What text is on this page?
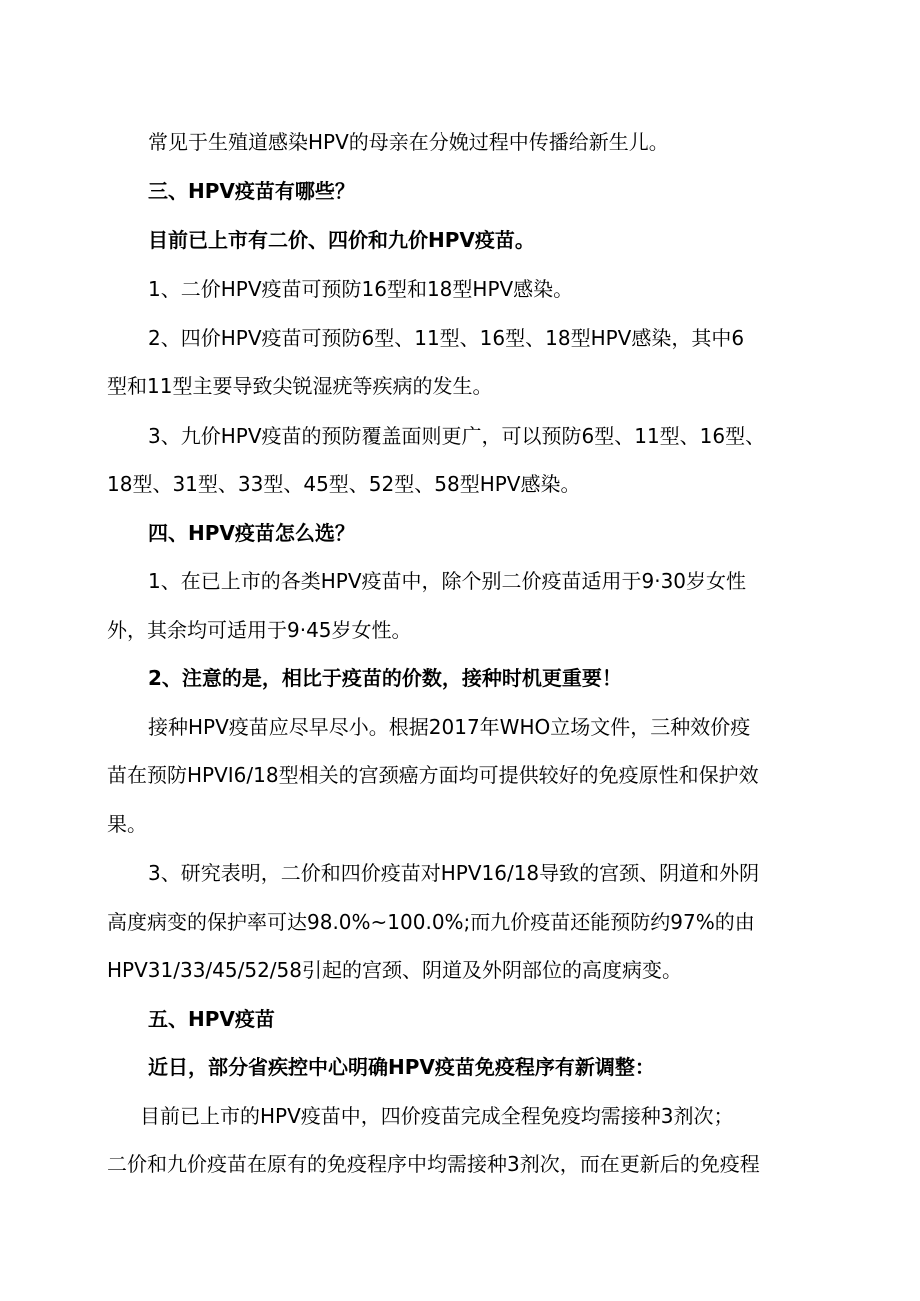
常见于生殖道感染HPV的母亲在分娩过程中传播给新生儿。
三、HPV疫苗有哪些？
目前已上市有二价、四价和九价HPV疫苗。
1、二价HPV疫苗可预防16型和18型HPV感染。
2、四价HPV疫苗可预防6型、11型、16型、18型HPV感染，其中6
型和11型主要导致尖锐湿疣等疾病的发生。
3、九价HPV疫苗的预防覆盖面则更广，可以预防6型、11型、16型、
18型、31型、33型、45型、52型、58型HPV感染。
四、HPV疫苗怎么选？
1、在已上市的各类HPV疫苗中，除个别二价疫苗适用于9·30岁女性
外，其余均可适用于9·45岁女性。
2、注意的是，相比于疫苗的价数，接种时机更重要！
接种HPV疫苗应尽早尽小。根据2017年WHO立场文件，三种效价疫
苗在预防HPVI6/18型相关的宫颈癌方面均可提供较好的免疫原性和保护效
果。
3、研究表明，二价和四价疫苗对HPV16/18导致的宫颈、阴道和外阴
高度病变的保护率可达98.0%~100.0%;而九价疫苗还能预防约97%的由
HPV31/33/45/52/58引起的宫颈、阴道及外阴部位的高度病变。
五、HPV疫苗
近日，部分省疾控中心明确HPV疫苗免疫程序有新调整：
目前已上市的HPV疫苗中，四价疫苗完成全程免疫均需接种3剂次；
二价和九价疫苗在原有的免疫程序中均需接种3剂次，而在更新后的免疫程
